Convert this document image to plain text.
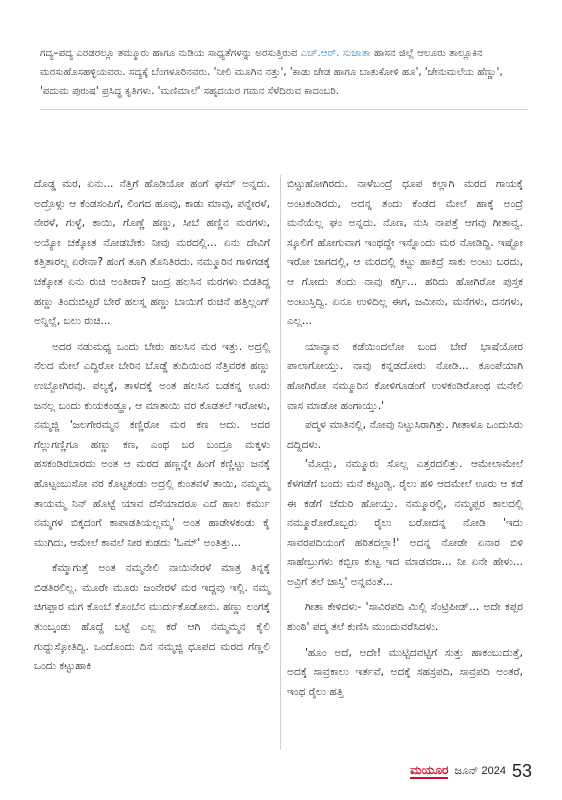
ಗದ್ಯ–ಪದ್ಯ ಎರಡರಲ್ಲೂ ತಮ್ಮೂರು ಹಾಗೂ ನುಡಿಯ ಸಾಧ್ಯತೆಗಳನ್ನು ಅರಸುತ್ತಿರುವ ಎಚ್.ಆರ್. ಸುಜಾತಾ ಹಾಸನ ಜಿಲ್ಲೆ ಆಲೂರು ತಾಲ್ಲೂಕಿನ ಮರಸುಹೊಸಹಳ್ಳಿಯವರು. ಸದ್ಯಕ್ಕೆ ಬೆಂಗಳೂರಿನವರು. 'ನೀಲಿ ಮೂಗಿನ ನತ್ತು', 'ಕಾಡು ಜೇಡ ಹಾಗೂ ಬಾತುಕೋಳಿ ಹೂ', 'ಜೇನುಮಲೆಯ ಹೆಣ್ಣು', 'ಪದುಮ ಪುರುಷ' ಪ್ರಸಿದ್ಧ ಕೃತಿಗಳು. 'ಮಣಿಮಾಲೆ' ಸಹೃದಯರ ಗಮನ ಸೆಳೆದಿರುವ ಕಾದಂಬರಿ.

ದೊಡ್ಡ ಮರ, ಏನು... ನೆತ್ತಿಗೆ ಹೊಡಿಯೋ ಹಂಗೆ ಘಮ್ ಅನ್ನದು. ಅದ್ರೊಳ್ಗು ಆ ಕೆಂಡಸಂಪಿಗೆ, ಲಿಂಗದ ಹೂವು, ಕಾಡು ಮಾವು, ಪನ್ನೇರಳೆ, ನೇರಳೆ, ಗುಳ್ಳೆ, ಕಾಯಿ, ಗೊಣ್ಣೆ ಹಣ್ಣು, ಸೀಬೆ ಹಣ್ಣಿನ ಮರಗಳು, ಅಯ್ಯೋ ಚಕ್ಕೋತ ನೋಡಬೇಕು ನೀವು ಮರದಲ್ಲಿ... ಏನು ದೇವಿಗೆ ಕತ್ತಿತಾರಲ್ಲ ಏರೇನಾ? ಹಂಗೆ ತೂಗಿ ತೊನಿತಿರದು. ನಮ್ಮೂರಿನ ಗಾಳಿಗಡಕ್ಕೆ ಚಕ್ಕೋತ ಏನು ರುಚಿ ಅಂತೀರಾ? ಜಂದ್ರ ಹಲಸಿನ ಮರಗಳು ಬಿಡತಿದ್ದ ಹಣ್ಣು ತಿಂದುಬಿಟ್ಟರೆ ಬೇರೆ ಹಲಸ್ನ ಹಣ್ಣು ಬಾಯಿಗೆ ರುಚಿನೆ ಹತ್ತಿಲ್ಲಂಗ್ ಅನ್ನಿಲ್ಲೆ, ಬಲು ರುಚಿ...

ಅದರ ನಡುಮಧ್ಯ ಒಂದು ಬೇರು ಹಲಸಿನ ಮರ ಇತ್ತು. ಅದ್ರಲ್ಲಿ ನೆಲದ ಮೇಲೆ ಎದ್ದಿರೋ ಬೇರಿನ ಬೊಡ್ಡೆ ತುದಿಯಿಂದ ನೆತ್ತಿವರಕ ಹಣ್ಣು ಉಬ್ಬೋಗಿರವು. ಪಲ್ಯಕ್ಕೆ, ತಾಳದಕ್ಕೆ ಅಂತ ಹಲಸಿನ ಬಡಕನ್ನ ಊರು ಜನಲ್ಲ ಬಂದು ಕುಯಕಂಡ್ಹೂ, ಆ ಮಾತಾಯಿ ವರ ಕೊಡತಲೆ ಇರೋಳು, ನಮ್ಮಜ್ಜಿ 'ಜಲಗೇರಮ್ಮನ ಕಣ್ಣಿರೋ ಮರ ಕಣ ಅದು. ಅದರ ಗೆಲ್ಲುಗಣ್ಣಿಗೂ ಹಣ್ಣು ಕಣ, ಎಂಥ ಬರ ಬಂದ್ರೂ ಮಕ್ಕಳು ಹಸಕಂಡಿರಬಾರದು ಅಂತ ಆ ಮರದ ಹಣ್ಣನ್ನೇ ಹಿಂಗೆ ಕಣ್ಣಿಟ್ಟು ಜನಕ್ಕೆ ಹೊಟ್ಟಂಬುಸೋ ವರ ಕೊಟ್ಟಕಂಡು ಅದ್ರಲ್ಲಿ ಕುಂತವಳೆ ತಾಯಿ, ನಮ್ಮಮ್ಮ ತಾಯಮ್ಮ ನಿನ್ ಹೊಟ್ಟೆ ಯಾವ ದೆಸೆಯಾದರೂ ಎದೆ ಹಾಲ ಕರ್ಮು ನಮ್ಮಗಳ ಬಿಕ್ಕದಂಗೆ ಕಾಪಾಡತಿಯಲ್ಲಮ್ಮ' ಅಂತ ಹಾಡೇಳಕಂಡು ಕೈ ಮುಗಿದು, ಆಮೇಲೆ ಕಾವಲೆ ನೀರ ಕುಡದು 'ಓಮ್' ಅಂತಿತ್ತು...

ಕೆಮ್ಮಾಗುತ್ತೆ ಅಂತ ನಮ್ಮನೇಲಿ ನಾಯಿನೇರಳೆ ಮಾತ್ರ ತಿನ್ನಕ್ಕೆ ಬಿಡತಿರಲಿಲ್ಲ. ಮೂರೇ ಮೂರು ಜಂನೇರಳೆ ಮರ ಇದ್ದವು ಇಲ್ಲಿ. ನಮ್ಮ ಚಿಗಪ್ಪಾರ ಮಗ ಕೊಂಬೆ ಕೊಂಬೆನ ಮುರ್ದುಕೊಡೋನು. ಹಣ್ಣು ಲಂಗಕ್ಕೆ ತುಂಬ್ಕಂಡು ಹೊದ್ದೆ ಬಟ್ಟೆ ಎಲ್ಲ ಕರೆ ಆಗಿ ನಮ್ಮಮ್ಮನ ಕೈಲಿ ಗುದ್ದುಸ್ಕೋತಿದ್ವಿ. ಒಂದೊಂದು ದಿನ ನಮ್ಮಜ್ಜಿ ಧೂಪದ ಮರದ ಗೆಣ್ಣಲಿ ಒಂದು ಕಟ್ಟುಹಾಕಿ

ಬಿಟ್ಟುಹೋಗಿರದು. ನಾಳೆಬಂದ್ರೆ ಧೂಪ ಕಲ್ಲಾಗಿ ಮರದ ಗಾಯಕ್ಕೆ ಅಂಟಕಂಡಿರದು, ಅದನ್ನ ತಂದು ಕೆಂಡದ ಮೇಲೆ ಹಾಕ್ಕೆ ಅಂದ್ರೆ ಮನೆಯೆಲ್ಲ ಘಂ ಅನ್ನದು. ನೊಣ, ನುಸಿ ನಾಪತ್ತೆ ಆಗವು ಗೀತಾವ್ವ. ಸ್ಕೂಲಿಗೆ ಹೋಗುವಾಗ ಇಂಥದ್ದೇ ಇನ್ನೊಂದು ಮರ ನೋಡಿದ್ದಿ. ಇಷ್ಟೋ ಇರೋ ಜಾಗದಲ್ಲಿ, ಆ ಮರದಲ್ಲಿ ಕಟ್ಟು ಹಾಕಿದ್ರೆ ಸಾಕು ಅಂಟು ಬರದು, ಆ ಗೋದು ತಂದು ನಾವು ಕರ್ಗ್ತಿ... ಹರಿದು ಹೋಗಿರೋ ಪುಸ್ತಕ ಅಂಟುಸ್ತಿದ್ವಿ. ಏನೂ ಉಳಿದಿಲ್ಲ ಈಗ, ಜಮೀನು, ಮನೆಗಳು, ದನಗಳು, ಎಲ್ಲ...

ಯಾವ್ಯಾವ ಕಡೆಯಿಂದಲೋ ಬಂದ ಬೇರೆ ಭಾಷೆಯೋರ ಪಾಲಾಗೋಯ್ತು. ನಾವು ಕನ್ನಡದೋರು ನೋಡಿ... ಕೂಂಪೆಯಾಗಿ ಹೋಗಿರೋ ನಮ್ಮೂರಿನ ಕೋಳಿಗೂಡಂಗೆ ಉಳಕಂಡಿರೋಂಥ ಮನೇಲಿ ವಾಸ ಮಾಡೋ ಹಂಗಾಯ್ತು.'

ಪದ್ಮಳ ಮಾತಿನಲ್ಲಿ, ನೋವು ನಿಟ್ಟುಸಿರಾಗಿತ್ತು. ಗೀತಾಳೂ ಒಂದುಸಿರು ದದ್ದಿದಳು.

'ಮೊದ್ಲು, ನಮ್ಮೂರು ಸೊಲ್ಲ ಎತ್ತರದಲಿತ್ತು. ಆಮೇಲಾಮೇಲೆ ಕೆಳಗಡೆಗೆ ಬಂದು ಮನೆ ಕಟ್ಟಂಡ್ವಿ. ರೈಲು ಹಳಿ ಆದಮೇಲೆ ಊರು ಆ ಕಡೆ ಈ ಕಡೆಗೆ ಚೆದುರಿ ಹೋಯ್ತು. ನಮ್ಮೂರಲ್ಲಿ, ನಮ್ಮಪ್ಪರ ಕಾಲದಲ್ಲಿ ನಮ್ಮೂರೋರೊಬ್ಬರು ರೈಲು ಬರೋದನ್ನ ನೋಡಿ 'ಇದು ಸಾವರಪದಿಯಂಗೆ ಹರಿತದಲ್ಲಾ!' ಅದನ್ನ ನೋಡೇ ಏನಾರ ಬಿಳಿ ಸಾಹೇಬ್ರುಗಳು ಕಬ್ಬಿಣ ಕುಟ್ಟ ಇದ ಮಾಡವರಾ... ನೀ ಏನೇ ಹೇಳು... ಅವ್ರಿಗೆ ತಲೆ ಜಾಸ್ತಿ' ಅನ್ನವಂತೆ...

ಗೀತಾ ಕೇಳಿದಳು- 'ಸಾವಿರಪದಿ ಮಿಲ್ಲಿ ಸೆಂಟ್ರಿಪೀಡ್... ಅದೇ ಕಪ್ಪರ ಶುಂಠಿ' ಪದ್ಮ ತಲೆ ಕುಣಿಸಿ ಮುಂದುವರೆಸಿದಳು.

'ಹೂಂ ಅದೆ, ಅದೇ! ಮುಟ್ಟಿದವಟ್ಟಿಗೆ ಸುತ್ತು ಹಾಕಂಬುದುತ್ತೆ, ಅದಕ್ಕೆ ಸಾವ್ರಕಾಲು ಇರ್ತವೆ, ಅದಕ್ಕೆ ಸಹಸ್ರಪದಿ, ಸಾವ್ರಪದಿ ಅಂತರೆ, ಇಂಥ ರೈಲು ಹತ್ತಿ

ಮಯೂರ ಜೂನ್ 2024 53
